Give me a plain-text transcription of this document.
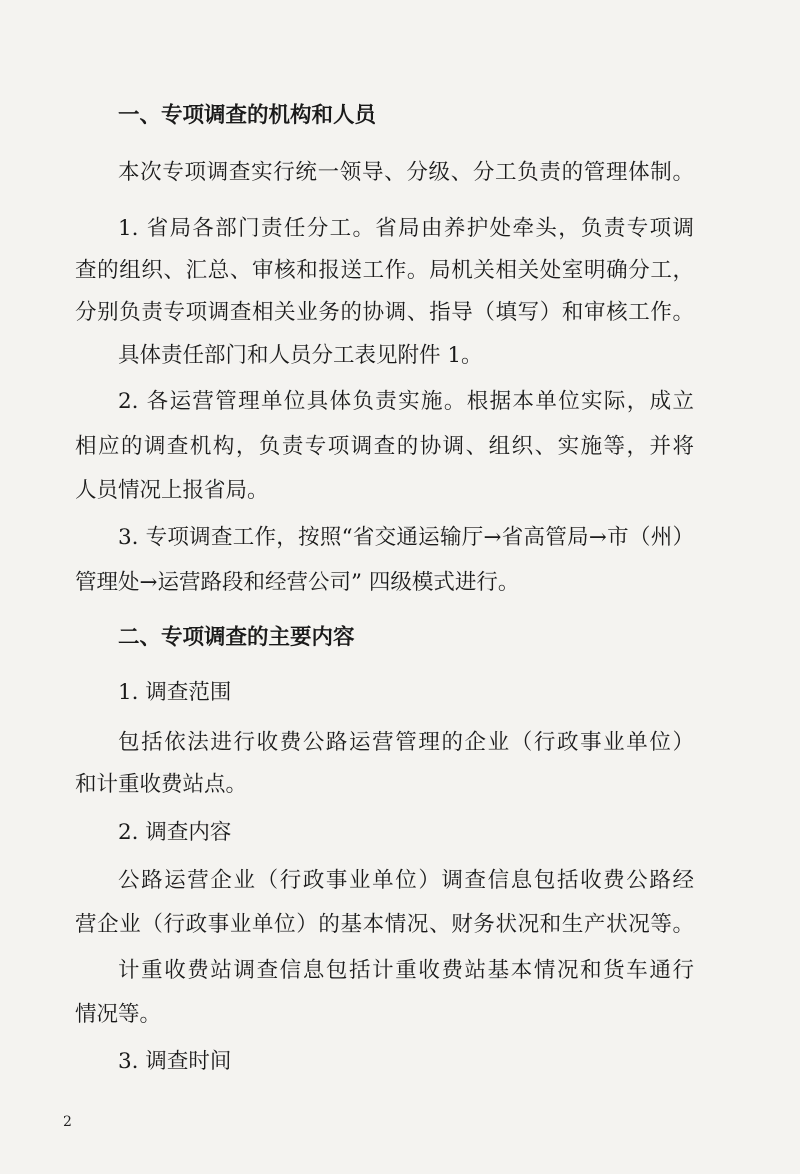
一、专项调查的机构和人员
本次专项调查实行统一领导、分级、分工负责的管理体制。
1. 省局各部门责任分工。省局由养护处牵头，负责专项调
查的组织、汇总、审核和报送工作。局机关相关处室明确分工，
分别负责专项调查相关业务的协调、指导（填写）和审核工作。
具体责任部门和人员分工表见附件 1。
2. 各运营管理单位具体负责实施。根据本单位实际，成立
相应的调查机构，负责专项调查的协调、组织、实施等，并将
人员情况上报省局。
3. 专项调查工作，按照“省交通运输厅→省高管局→市（州）
管理处→运营路段和经营公司” 四级模式进行。
二、专项调查的主要内容
1. 调查范围
包括依法进行收费公路运营管理的企业（行政事业单位）
和计重收费站点。
2. 调查内容
公路运营企业（行政事业单位）调查信息包括收费公路经
营企业（行政事业单位）的基本情况、财务状况和生产状况等。
计重收费站调查信息包括计重收费站基本情况和货车通行
情况等。
3. 调查时间
2
